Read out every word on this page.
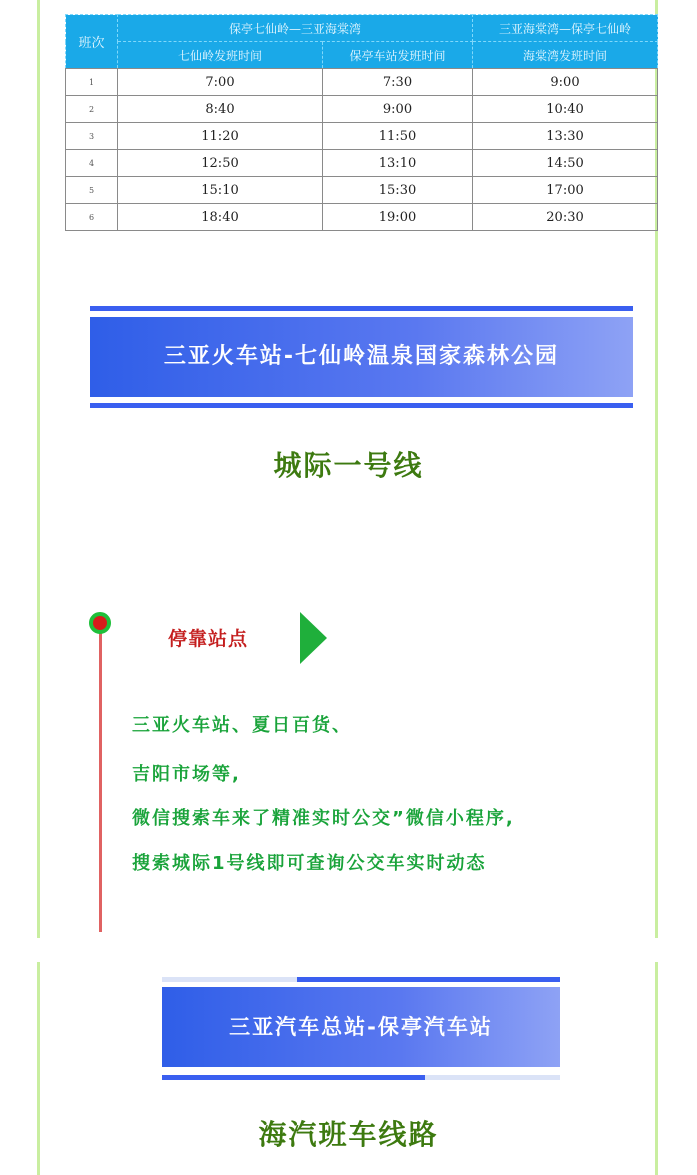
班次	保亭七仙岭—三亚海棠湾		三亚海棠湾—保亭七仙岭
	七仙岭发班时间	保亭车站发班时间	海棠湾发班时间
1	7:00	7:30	9:00
2	8:40	9:00	10:40
3	11:20	11:50	13:30
4	12:50	13:10	14:50
5	15:10	15:30	17:00
6	18:40	19:00	20:30
三亚火车站-七仙岭温泉国家森林公园
城际一号线
停靠站点
三亚火车站、夏日百货、
吉阳市场等,
微信搜索车来了精准实时公交”微信小程序,
搜索城际1号线即可查询公交车实时动态
三亚汽车总站-保亭汽车站
海汽班车线路
